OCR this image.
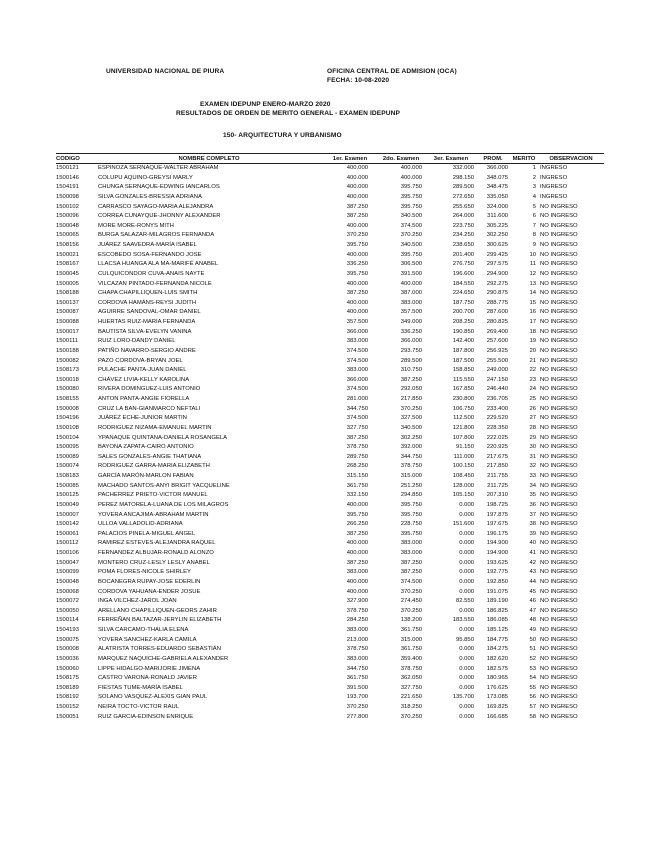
UNIVERSIDAD NACIONAL DE PIURA	OFICINA CENTRAL DE ADMISION (OCA)
FECHA: 10-08-2020
EXAMEN IDEPUNP ENERO-MARZO 2020
RESULTADOS DE ORDEN DE MERITO GENERAL - EXAMEN IDEPUNP
150- ARQUITECTURA Y URBANISMO
CODIGO	NOMBRE COMPLETO	1er. Examen	2do. Examen	3er. Examen	PROM.	MERITO	OBSERVACION
1500121	ESPINOZA SERNAQUE-WALTER ABRAHAM	400.000	400.000	332.000	366.000	1	INGRESO
1500146	COLUPU AQUINO-GREYSI MARLY	400.000	400.000	298.150	348.075	2	INGRESO
1504191	CHUNGA SERNAQUE-EDWING IANCARLOS	400.000	395.750	289.500	348.475	3	INGRESO
1500098	SILVA GONZALES-BRESSIA ADRIANA	400.000	395.750	272.650	335.050	4	INGRESO
1500102	CARRASCO SAYAGO-MARIA ALEJANDRA	387.250	395.750	255.650	324.000	5	NO INGRESO
1500096	CORREA CUNAYQUE-JHONNY ALEXANDER	387.250	340.500	264.000	311.600	6	NO INGRESO
1500048	MORE MORE-RONYS MITH	400.000	374.500	223.750	305.225	7	NO INGRESO
1500065	BURGA SALAZAR-MILAGROS FERNANDA	370.250	370.250	234.250	302.250	8	NO INGRESO
1508156	JUÁREZ SAAVEDRA-MARÍA ISABEL	395.750	340.500	238.650	300.625	9	NO INGRESO
1500021	ESCOBEDO SOSA-FERNANDO JOSE	400.000	395.750	201.400	299.425	10	NO INGRESO
1508167	LLACSA HUANGA ALA MA-MARIFÉ ANABEL	336.250	306.500	276.750	297.575	11	NO INGRESO
1500045	CULQUICONDOR CUVA-ANAIS NAYTE	395.750	391.500	196.600	294.900	12	NO INGRESO
1500005	VILCAZAN PINTADO-FERNANDA NICOLE	400.000	400.000	184.550	292.275	13	NO INGRESO
1508188	CHAPA CHAPILLIQUEN-LUIS SMITH	387.250	387.000	224.650	290.875	14	NO INGRESO
1500137	CORDOVA HAMÁNS-REYSI JUDITH	400.000	383.000	187.750	288.775	15	NO INGRESO
1500087	AGUIRRE SANDOVAL-OMAR DANIEL	400.000	357.500	200.700	287.600	16	NO INGRESO
1500088	HUERTAS RUIZ-MARIA FERNANDA	357.500	349.000	208.250	280.825	17	NO INGRESO
1500017	BAUTISTA SILVA-EVELYN VANINA	366.000	336.250	190.850	269.400	18	NO INGRESO
1500111	RUIZ LORO-DANDY DANIEL	383.000	366.000	142.400	257.600	19	NO INGRESO
1500188	PATIÑO NAVARRO-SERGIO ANDRE	374.500	293.750	187.800	256.925	20	NO INGRESO
1500082	PAZO CORDOVA-BRYAN JOEL	374.500	289.500	187.500	255.500	21	NO INGRESO
1508173	PULACHE PANTA-JUAN DANIEL	383.000	310.750	158.850	249.000	22	NO INGRESO
1500018	CHÁVEZ LIVIA-KELLY KAROLINA	366.000	387.250	115.550	247.150	23	NO INGRESO
1500080	RIVERA DOMINGUEZ-LUIS ANTONIO	374.500	292.050	167.850	246.440	24	NO INGRESO
1508155	ANTON PANTA-ANGIE FIORELLA	281.000	217.850	230.800	236.705	25	NO INGRESO
1500008	CRUZ LA BAN-GIANMARCO NEFTALI	344.750	370.250	106.750	233.400	26	NO INGRESO
1504196	JUÁREZ ECHE-JUNIOR MARTIN	374.500	327.500	112.500	229.520	27	NO INGRESO
1500108	RODRIGUEZ NIZAMA-EMANUEL MARTIN	327.750	340.500	121.800	228.350	28	NO INGRESO
1500104	YPANAQUE QUINTANA-DANIELA ROSANGELA	387.250	302.250	107.800	222.025	29	NO INGRESO
1500095	BAYONA ZAPATA-CAIRO ANTONIO	378.750	392.000	91.150	220.925	30	NO INGRESO
1500089	SALES GONZALES-ANGIE THATIANA	289.750	344.750	111.000	217.675	31	NO INGRESO
1500074	RODRIGUEZ GARRA-MARIA ELIZABETH	268.250	378.750	100.150	217.850	32	NO INGRESO
1508183	GARCÍA MARÓN-MARLON FABIAN	315.150	315.000	108.450	211.755	33	NO INGRESO
1500085	MACHADO SANTOS-ANYI BRIGIT YACQUELINE	361.750	251.250	128.000	211.725	34	NO INGRESO
1500125	PACHERREZ PRIETO-VICTOR MANUEL	332.150	294.850	105.150	207.310	35	NO INGRESO
1500049	PEREZ MATORELA-LUANA DE LOS MILAGROS	400.000	395.750	0.000	198.725	36	NO INGRESO
1500007	YOVERA ANCAJIMA-ABRAHAM MARTIN	395.750	395.750	0.000	197.875	37	NO INGRESO
1500142	ULLOA VALLADOLID-ADRIANA	266.250	228.750	151.600	197.675	38	NO INGRESO
1500061	PALACIOS PINELA-MIGUEL ANGEL	387.250	395.750	0.000	196.175	39	NO INGRESO
1500112	RAMIREZ ESTEVES-ALEJANDRA RAQUEL	400.000	383.000	0.000	194.900	40	NO INGRESO
1500106	FERNANDEZ ALBUJAR-RONALD ALONZO	400.000	383.000	0.000	194.900	41	NO INGRESO
1500047	MONTERO CRUZ-LESLY LESLY ANABEL	387.250	387.250	0.000	193.625	42	NO INGRESO
1500099	POMA FLORES-NICOLE SHIRLEY	383.000	387.250	0.000	192.775	43	NO INGRESO
1500048	BOCANEGRA RUPAY-JOSE EDERLIN	400.000	374.500	0.000	192.850	44	NO INGRESO
1500068	CORDOVA YAHUANA-ENDER JOSUE	400.000	370.250	0.000	191.075	45	NO INGRESO
1500072	INGA VILCHEZ-JAROL JOAN	327.900	274.450	82.550	189.190	46	NO INGRESO
1500050	ARELLANO CHAPILLIQUEN-GEORS ZAHIR	378.750	370.250	0.000	186.825	47	NO INGRESO
1500114	FERREÑAN BALTAZAR-JERYLIN ELIZABETH	284.250	138.200	183.550	186.085	48	NO INGRESO
1504193	SILVA CARCAMO-THALIA ELENA	383.000	361.750	0.000	185.125	49	NO INGRESO
1500075	YOVERA SANCHEZ-KARLA CAMILA	213.000	315.000	95.850	184.775	50	NO INGRESO
1500008	ALATRISTA TORRES-EDUARDO SEBASTIÁN	378.750	361.750	0.000	184.275	51	NO INGRESO
1500036	MARQUEZ NAQUICHE-GABRIELA ALEXANDER	383.000	359.400	0.000	182.620	52	NO INGRESO
1500060	LIPPE HIDALGO-MARIJORIE JIMENA	344.750	378.750	0.000	182.575	53	NO INGRESO
1508175	CASTRO VARONA-RONALD JAVIER	361.750	362.050	0.000	180.965	54	NO INGRESO
1508189	FIESTAS TUME-MARÍA ISABEL	391.500	327.750	0.000	176.625	55	NO INGRESO
1508192	SOLANO VASQUEZ-ALEXIS GIAN PAUL	193.700	221.650	135.700	173.085	56	NO INGRESO
1500152	NEIRA TOCTO-VICTOR RAUL	370.250	318.250	0.000	169.825	57	NO INGRESO
1500051	RUIZ GARCIA-EDINSON ENRIQUE	277.800	370.250	0.000	166.685	58	NO INGRESO
